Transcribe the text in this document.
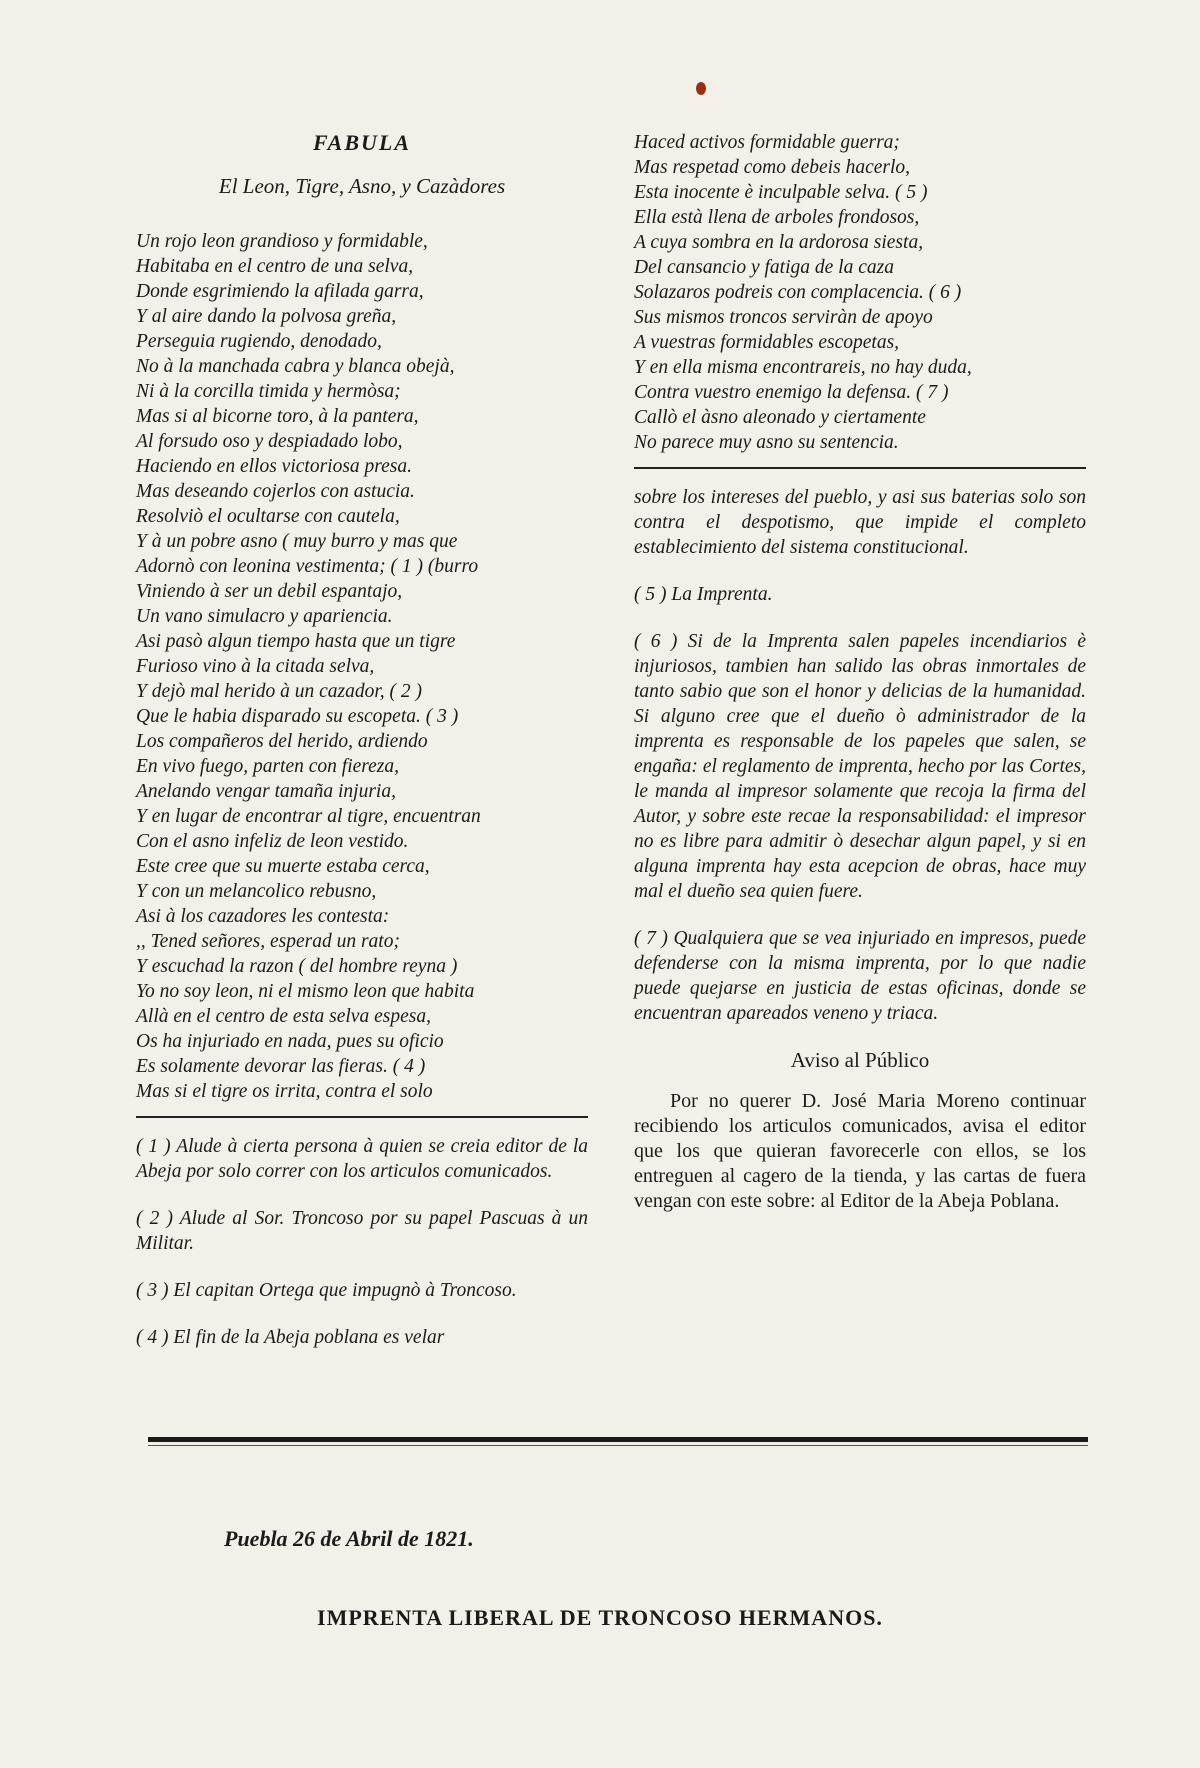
FABULA
El Leon, Tigre, Asno, y Cazàdores
Un rojo leon grandioso y formidable,
Habitaba en el centro de una selva,
Donde esgrimiendo la afilada garra,
Y al aire dando la polvosa greña,
Perseguia rugiendo, denodado,
No à la manchada cabra y blanca obejà,
Ni à la corcilla timida y hermòsa;
Mas si al bicorne toro, à la pantera,
Al forsudo oso y despiadado lobo,
Haciendo en ellos victoriosa presa.
Mas deseando cojerlos con astucia.
Resolviò el ocultarse con cautela,
Y à un pobre asno ( muy burro y mas que
Adornò con leonina vestimenta; ( 1 ) (burro
Viniendo à ser un debil espantajo,
Un vano simulacro y apariencia.
Asi pasò algun tiempo hasta que un tigre
Furioso vino à la citada selva,
Y dejò mal herido à un cazador, ( 2 )
Que le habia disparado su escopeta. ( 3 )
Los compañeros del herido, ardiendo
En vivo fuego, parten con fiereza,
Anelando vengar tamaña injuria,
Y en lugar de encontrar al tigre, encuentran
Con el asno infeliz de leon vestido.
Este cree que su muerte estaba cerca,
Y con un melancolico rebusno,
Asi à los cazadores les contesta:
,, Tened señores, esperad un rato;
Y escuchad la razon ( del hombre reyna )
Yo no soy leon, ni el mismo leon que habita
Allà en el centro de esta selva espesa,
Os ha injuriado en nada, pues su oficio
Es solamente devorar las fieras. ( 4 )
Mas si el tigre os irrita, contra el solo
( 1 ) Alude à cierta persona à quien se creia editor de la Abeja por solo correr con los articulos comunicados.
( 2 ) Alude al Sor. Troncoso por su papel Pascuas à un Militar.
( 3 ) El capitan Ortega que impugnò à Troncoso.
( 4 ) El fin de la Abeja poblana es velar
Haced activos formidable guerra;
Mas respetad como debeis hacerlo,
Esta inocente è inculpable selva. ( 5 )
Ella està llena de arboles frondosos,
A cuya sombra en la ardorosa siesta,
Del cansancio y fatiga de la caza
Solazaros podreis con complacencia. ( 6 )
Sus mismos troncos serviràn de apoyo
A vuestras formidables escopetas,
Y en ella misma encontrareis, no hay duda,
Contra vuestro enemigo la defensa. ( 7 )
Callò el àsno aleonado y ciertamente
No parece muy asno su sentencia.

sobre los intereses del pueblo, y asi sus baterias solo son contra el despotismo, que impide el completo establecimiento del sistema constitucional.

( 5 ) La Imprenta.

( 6 ) Si de la Imprenta salen papeles incendiarios è injuriosos, tambien han salido las obras inmortales de tanto sabio que son el honor y delicias de la humanidad. Si alguno cree que el dueño ò administrador de la imprenta es responsable de los papeles que salen, se engaña: el reglamento de imprenta, hecho por las Cortes, le manda al impresor solamente que recoja la firma del Autor, y sobre este recae la responsabilidad: el impresor no es libre para admitir ò desechar algun papel, y si en alguna imprenta hay esta acepcion de obras, hace muy mal el dueño sea quien fuere.

( 7 ) Qualquiera que se vea injuriado en impresos, puede defenderse con la misma imprenta, por lo que nadie puede quejarse en justicia de estas oficinas, donde se encuentran apareados veneno y triaca.

Aviso al Público
Por no querer D. José Maria Moreno continuar recibiendo los articulos comunicados, avisa el editor que los que quieran favorecerle con ellos, se los entreguen al cagero de la tienda, y las cartas de fuera vengan con este sobre: al Editor de la Abeja Poblana.
Puebla 26 de Abril de 1821.
IMPRENTA LIBERAL DE TRONCOSO HERMANOS.
